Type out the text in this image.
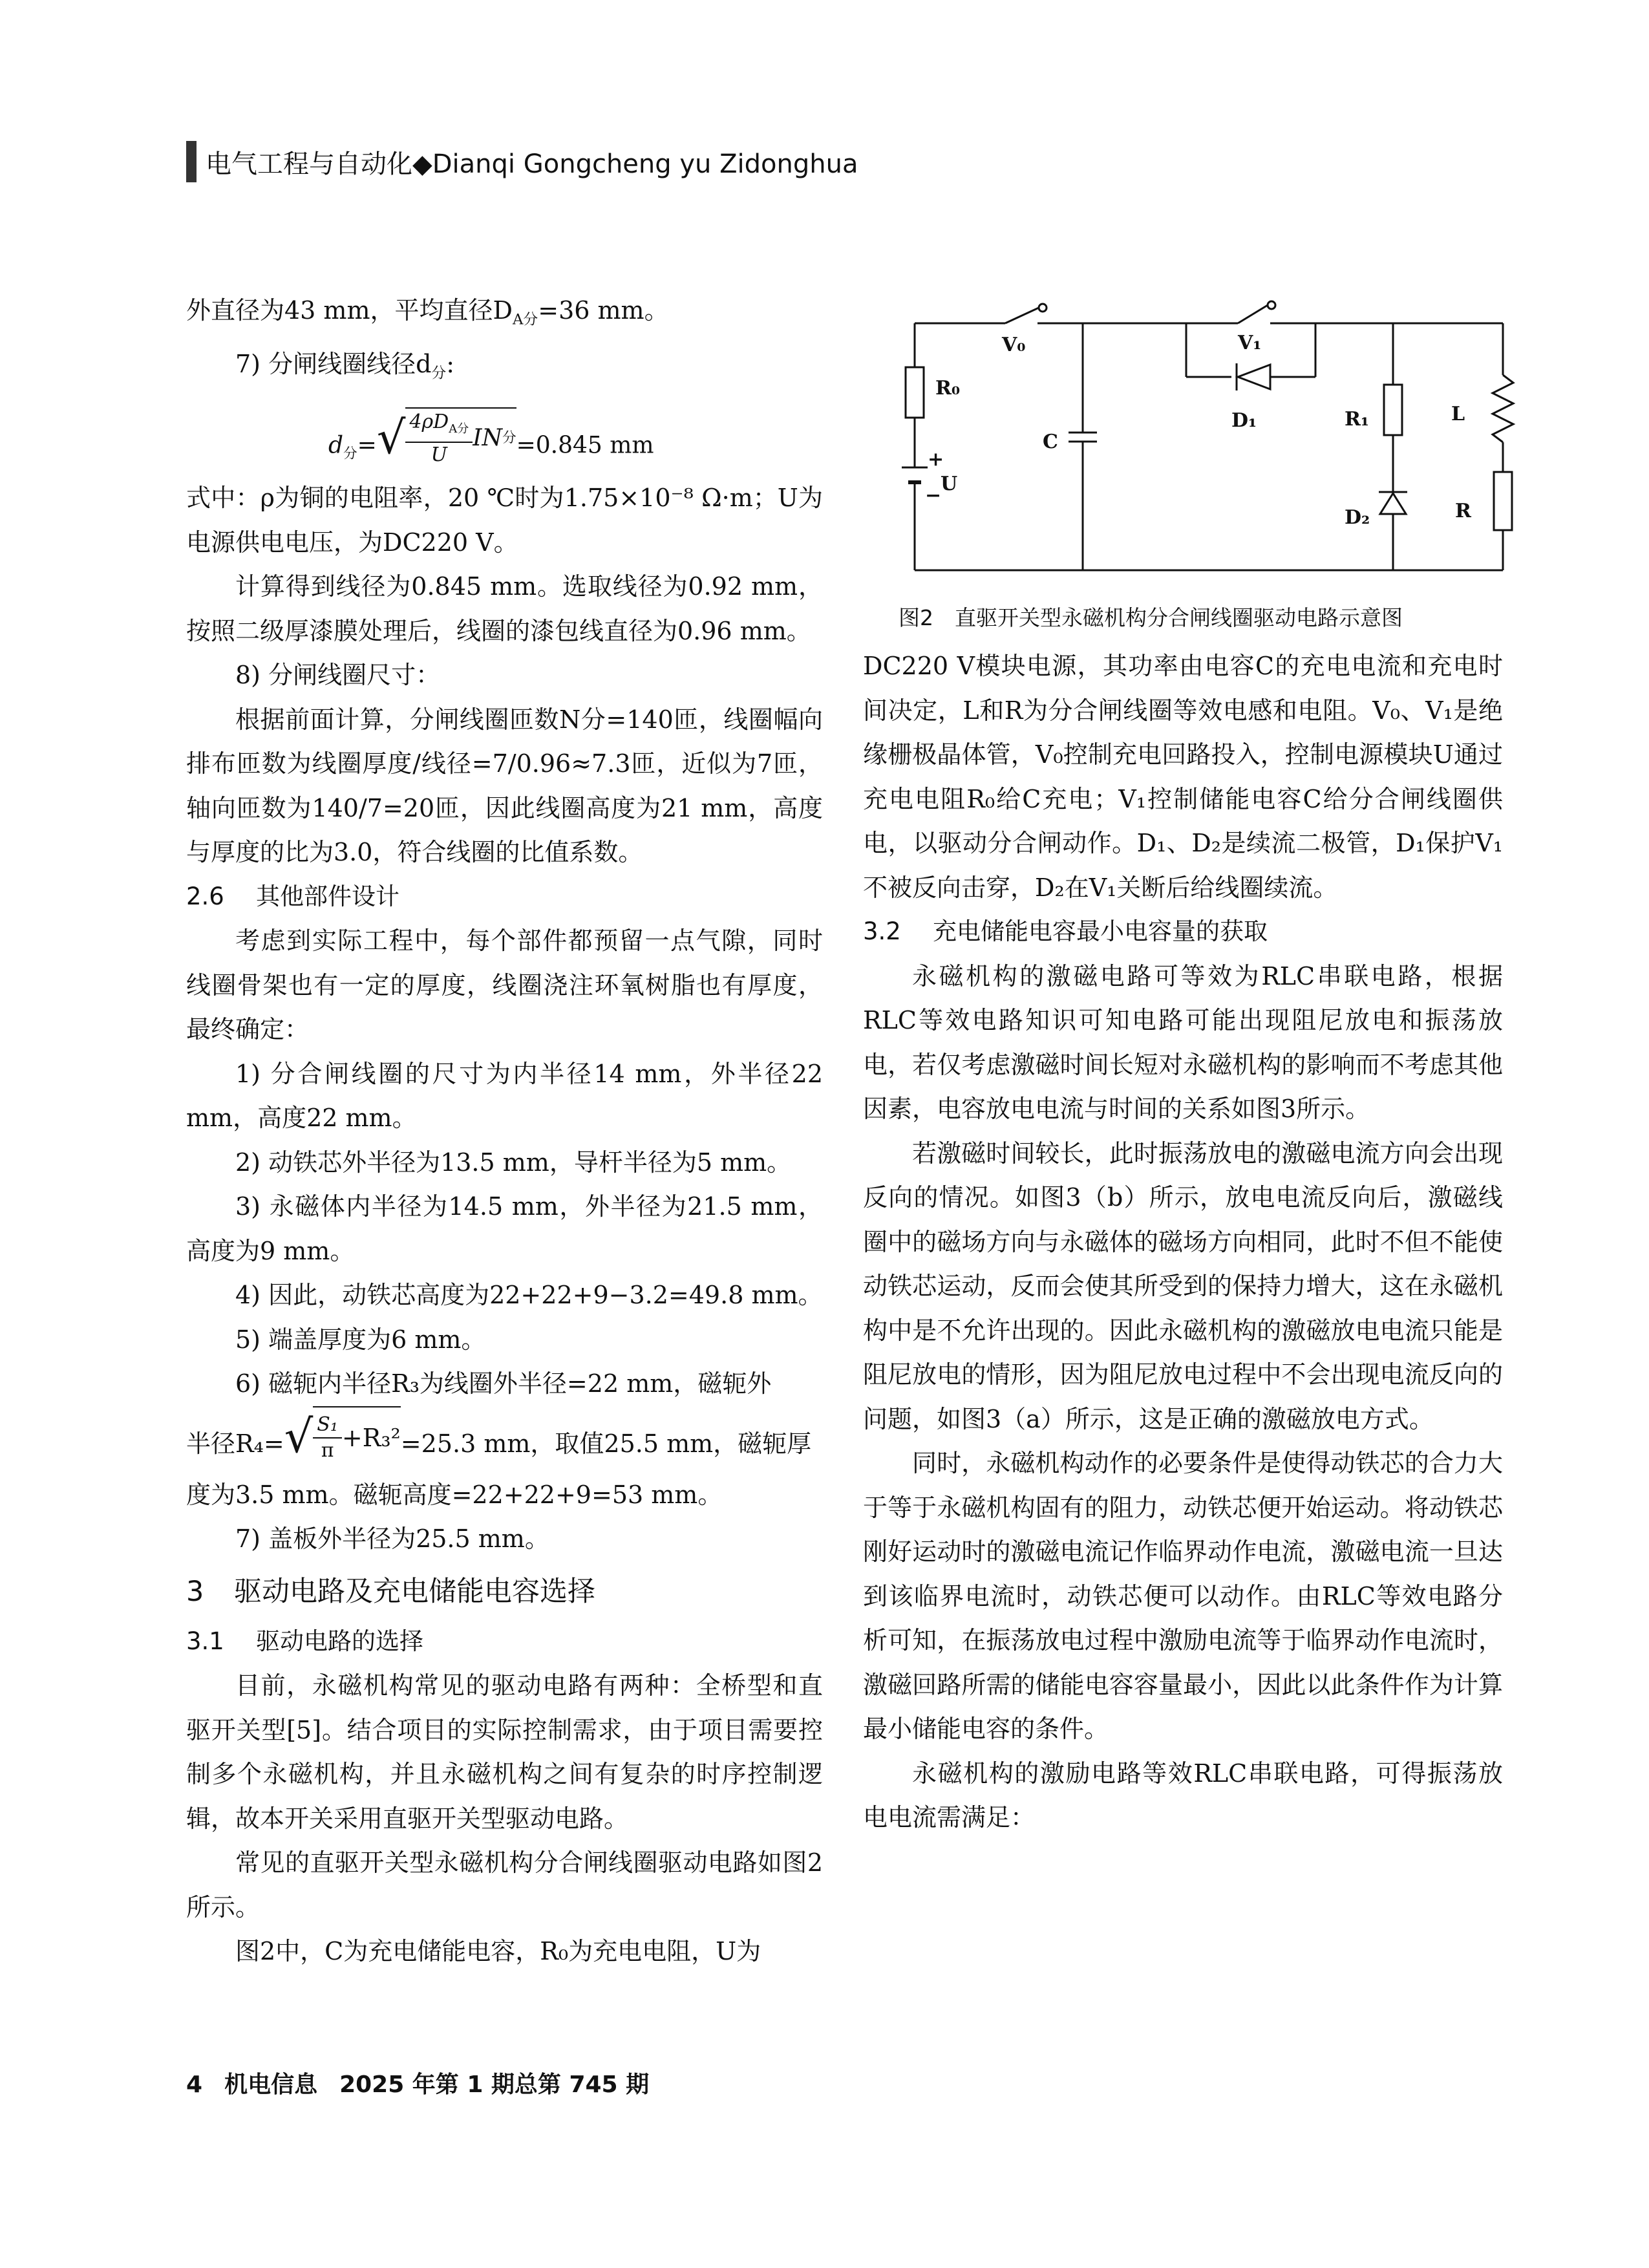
电气工程与自动化◆Dianqi Gongcheng yu Zidonghua

外直径为43 mm，平均直径$D_{A分}=36$ mm。

7) 分闸线圈线径$d_分$:

$d_分=$ √ $\frac{4\rho D_{A分}}{U}$ IN 分 =0.845 mm

式中：ρ为铜的电阻率，20 ℃时为1.75×10⁻⁸ Ω·m；U为电源供电电压，为DC220 V。

计算得到线径为0.845 mm。选取线径为0.92 mm，按照二级厚漆膜处理后，线圈的漆包线直径为0.96 mm。

8) 分闸线圈尺寸：

根据前面计算，分闸线圈匝数N分=140匝，线圈幅向排布匝数为线圈厚度/线径=7/0.96≈7.3匝，近似为7匝，轴向匝数为140/7=20匝，因此线圈高度为21 mm，高度与厚度的比为3.0，符合线圈的比值系数。

2.6 其他部件设计

考虑到实际工程中，每个部件都预留一点气隙，同时线圈骨架也有一定的厚度，线圈浇注环氧树脂也有厚度，最终确定：

1) 分合闸线圈的尺寸为内半径14 mm，外半径22 mm，高度22 mm。

2) 动铁芯外半径为13.5 mm，导杆半径为5 mm。

3) 永磁体内半径为14.5 mm，外半径为21.5 mm，高度为9 mm。

4) 因此，动铁芯高度为22+22+9−3.2=49.8 mm。

5) 端盖厚度为6 mm。

6) 磁轭内半径R₃为线圈外半径=22 mm，磁轭外

半径R₄= √ $\frac{\text{S₁}}{\pi} +R_3^2 =25.3$ mm，取值25.5 mm，磁轭厚

度为3.5 mm。磁轭高度=22+22+9=53 mm。

7) 盖板外半径为25.5 mm。

3 驱动电路及充电储能电容选择

3.1 驱动电路的选择

目前，永磁机构常见的驱动电路有两种：全桥型和直驱开关型[5]。结合项目的实际控制需求，由于项目需要控制多个永磁机构，并且永磁机构之间有复杂的时序控制逻辑，故本开关采用直驱开关型驱动电路。

常见的直驱开关型永磁机构分合闸线圈驱动电路如图2所示。

图2中，C为充电储能电容，R₀为充电电阻，U为

V₀	V₁
R₀
C
U
+
−
D₁	R₁	L
D₂	R
图2　直驱开关型永磁机构分合闸线圈驱动电路示意图

DC220 V模块电源，其功率由电容C的充电电流和充电时间决定，L和R为分合闸线圈等效电感和电阻。V₀、V₁是绝缘栅极晶体管，V₀控制充电回路投入，控制电源模块U通过充电电阻R₀给C充电；V₁控制储能电容C给分合闸线圈供电，以驱动分合闸动作。D₁、D₂是续流二极管，D₁保护V₁不被反向击穿，D₂在V₁关断后给线圈续流。

3.2 充电储能电容最小电容量的获取

永磁机构的激磁电路可等效为RLC串联电路，根据RLC等效电路知识可知电路可能出现阻尼放电和振荡放电，若仅考虑激磁时间长短对永磁机构的影响而不考虑其他因素，电容放电电流与时间的关系如图3所示。

若激磁时间较长，此时振荡放电的激磁电流方向会出现反向的情况。如图3（b）所示，放电电流反向后，激磁线圈中的磁场方向与永磁体的磁场方向相同，此时不但不能使动铁芯运动，反而会使其所受到的保持力增大，这在永磁机构中是不允许出现的。因此永磁机构的激磁放电电流只能是阻尼放电的情形，因为阻尼放电过程中不会出现电流反向的问题，如图3（a）所示，这是正确的激磁放电方式。

同时，永磁机构动作的必要条件是使得动铁芯的合力大于等于永磁机构固有的阻力，动铁芯便开始运动。将动铁芯刚好运动时的激磁电流记作临界动作电流，激磁电流一旦达到该临界电流时，动铁芯便可以动作。由RLC等效电路分析可知，在振荡放电过程中激励电流等于临界动作电流时，激磁回路所需的储能电容容量最小，因此以此条件作为计算最小储能电容的条件。

永磁机构的激励电路等效RLC串联电路，可得振荡放电电流需满足：

4 机电信息 2025 年第 1 期总第 745 期
